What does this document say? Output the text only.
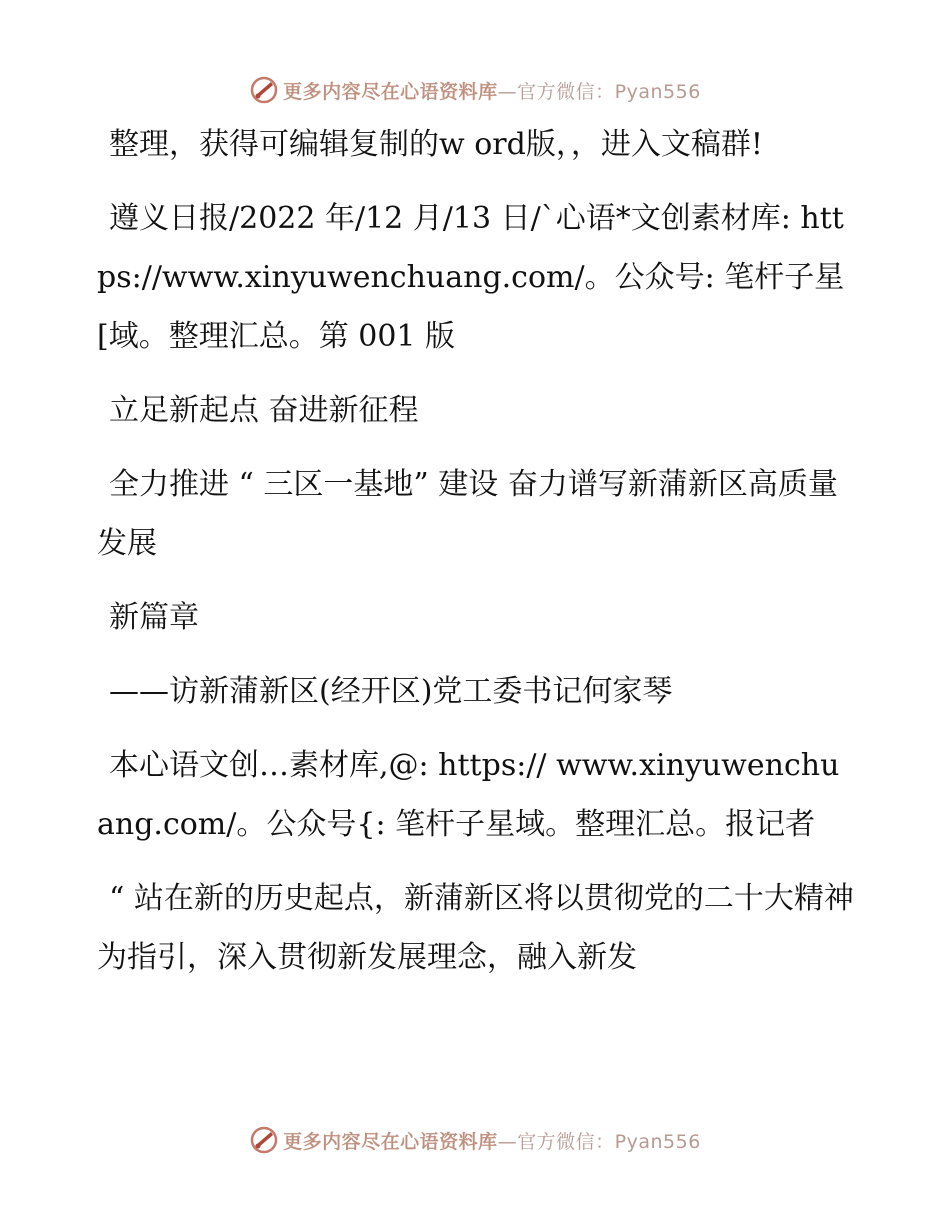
更多内容尽在心语资料库—官方微信：Pyan556

整理，获得可编辑复制的w ord版，，进入文稿群!

遵义日报/2022 年/12 月/13 日/`心语*文创素材库: https://www.xinyuwenchuang.com/。公众号: 笔杆子星[域。整理汇总。第 001 版

立足新起点 奋进新征程

全力推进 “ 三区一基地” 建设 奋力谱写新蒲新区高质量发展

新篇章

——访新蒲新区(经开区)党工委书记何家琴

本心语文创…素材库,@: https:// www.xinyuwenchuang.com/。公众号{: 笔杆子星域。整理汇总。报记者

“ 站在新的历史起点，新蒲新区将以贯彻党的二十大精神为指引，深入贯彻新发展理念，融入新发

更多内容尽在心语资料库—官方微信：Pyan556
